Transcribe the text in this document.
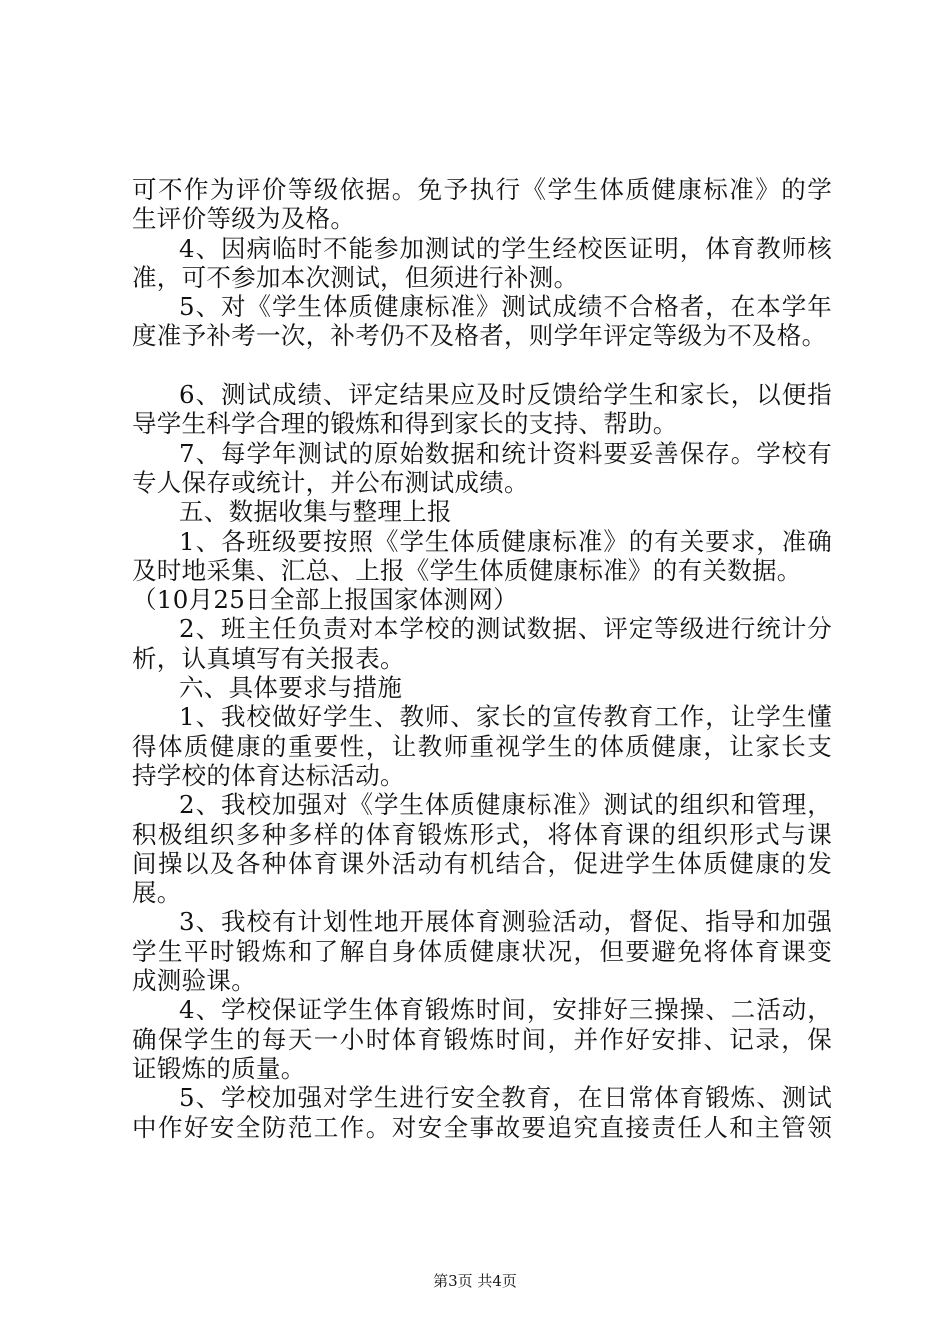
可不作为评价等级依据。免予执行《学生体质健康标准》的学
生评价等级为及格。
4、因病临时不能参加测试的学生经校医证明，体育教师核
准，可不参加本次测试，但须进行补测。
5、对《学生体质健康标准》测试成绩不合格者，在本学年
度准予补考一次，补考仍不及格者，则学年评定等级为不及格。
6、测试成绩、评定结果应及时反馈给学生和家长，以便指
导学生科学合理的锻炼和得到家长的支持、帮助。
7、每学年测试的原始数据和统计资料要妥善保存。学校有
专人保存或统计，并公布测试成绩。
五、数据收集与整理上报
1、各班级要按照《学生体质健康标准》的有关要求，准确
及时地采集、汇总、上报《学生体质健康标准》的有关数据。
（10月25日全部上报国家体测网）
2、班主任负责对本学校的测试数据、评定等级进行统计分
析，认真填写有关报表。
六、具体要求与措施
1、我校做好学生、教师、家长的宣传教育工作，让学生懂
得体质健康的重要性，让教师重视学生的体质健康，让家长支
持学校的体育达标活动。
2、我校加强对《学生体质健康标准》测试的组织和管理，
积极组织多种多样的体育锻炼形式，将体育课的组织形式与课
间操以及各种体育课外活动有机结合，促进学生体质健康的发
展。
3、我校有计划性地开展体育测验活动，督促、指导和加强
学生平时锻炼和了解自身体质健康状况，但要避免将体育课变
成测验课。
4、学校保证学生体育锻炼时间，安排好三操操、二活动，
确保学生的每天一小时体育锻炼时间，并作好安排、记录，保
证锻炼的质量。
5、学校加强对学生进行安全教育，在日常体育锻炼、测试
中作好安全防范工作。对安全事故要追究直接责任人和主管领
第3页 共4页
